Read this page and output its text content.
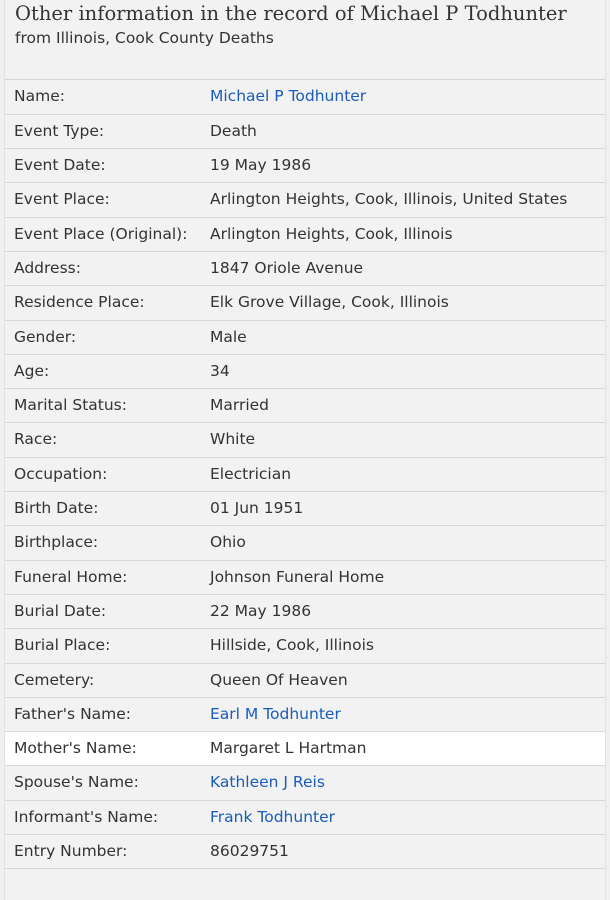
Other information in the record of Michael P Todhunter
from Illinois, Cook County Deaths
Name:	Michael P Todhunter
Event Type:	Death
Event Date:	19 May 1986
Event Place:	Arlington Heights, Cook, Illinois, United States
Event Place (Original):	Arlington Heights, Cook, Illinois
Address:	1847 Oriole Avenue
Residence Place:	Elk Grove Village, Cook, Illinois
Gender:	Male
Age:	34
Marital Status:	Married
Race:	White
Occupation:	Electrician
Birth Date:	01 Jun 1951
Birthplace:	Ohio
Funeral Home:	Johnson Funeral Home
Burial Date:	22 May 1986
Burial Place:	Hillside, Cook, Illinois
Cemetery:	Queen Of Heaven
Father's Name:	Earl M Todhunter
Mother's Name:	Margaret L Hartman
Spouse's Name:	Kathleen J Reis
Informant's Name:	Frank Todhunter
Entry Number:	86029751
